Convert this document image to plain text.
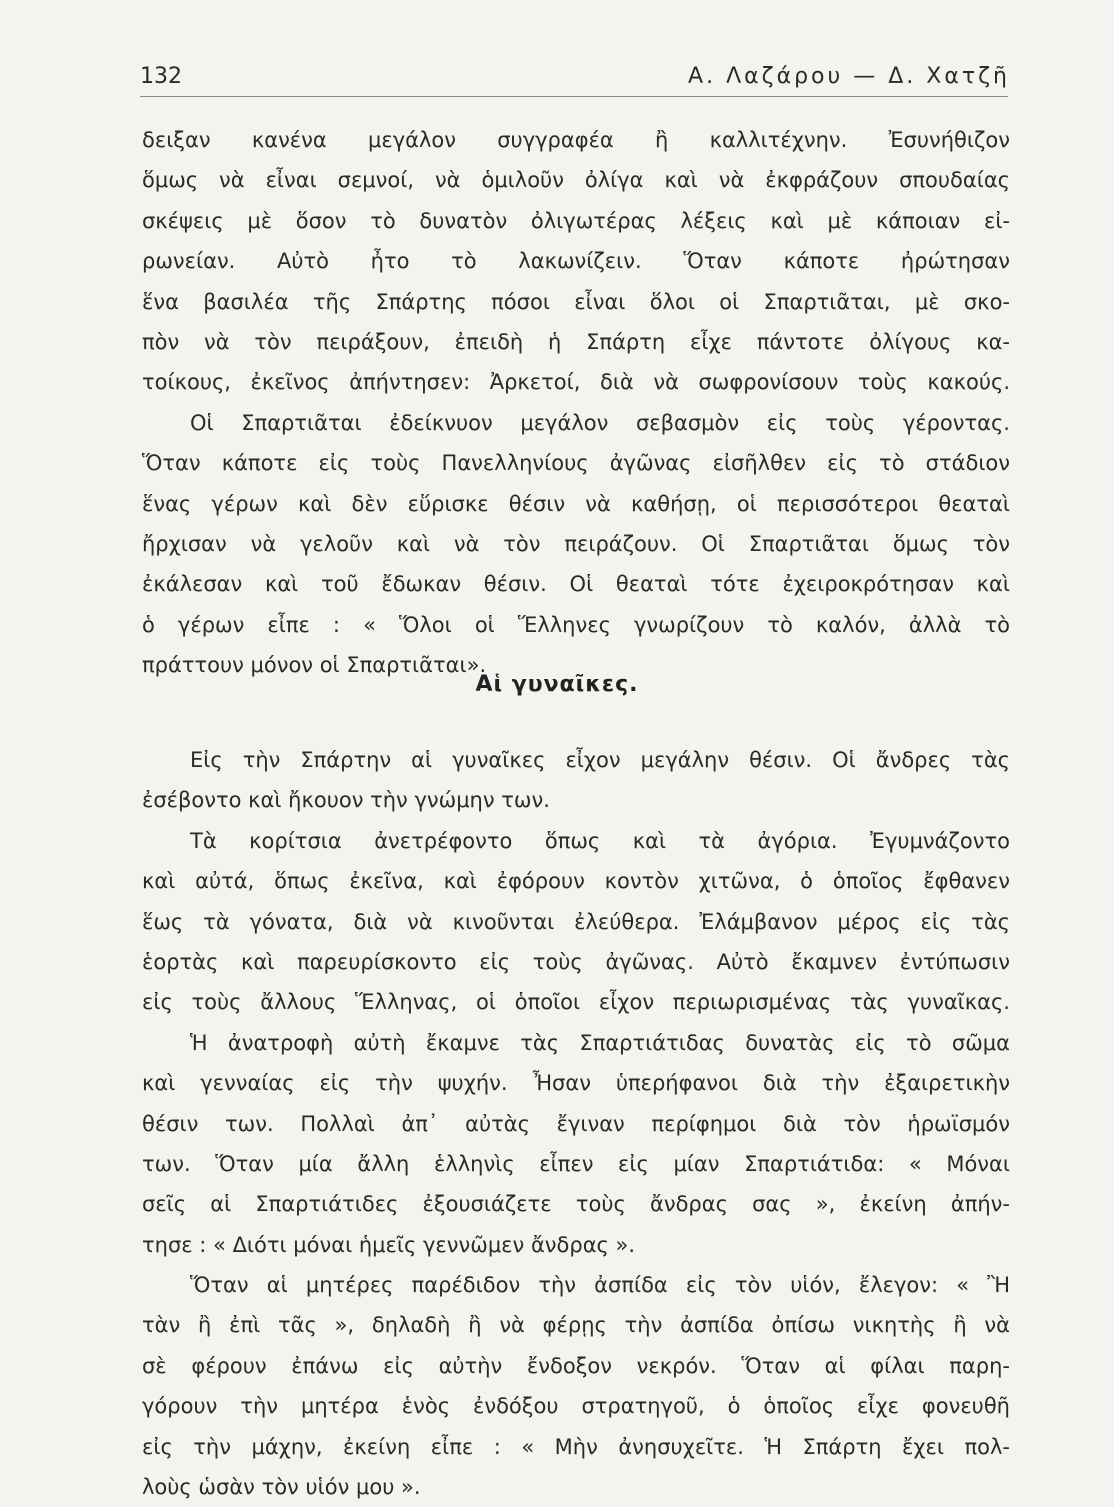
132	Α. Λαζάρου — Δ. Χατζῆ
δειξαν κανένα μεγάλον συγγραφέα ἢ καλλιτέχνην. Ἐσυνήθιζον
ὅμως νὰ εἶναι σεμνοί, νὰ ὁμιλοῦν ὀλίγα καὶ νὰ ἐκφράζουν σπουδαίας
σκέψεις μὲ ὅσον τὸ δυνατὸν ὀλιγωτέρας λέξεις καὶ μὲ κάποιαν εἰ-
ρωνείαν. Αὐτὸ ἦτο τὸ λακωνίζειν. Ὅταν κάποτε ἠρώτησαν
ἕνα βασιλέα τῆς Σπάρτης πόσοι εἶναι ὅλοι οἱ Σπαρτιᾶται, μὲ σκο-
πὸν νὰ τὸν πειράξουν, ἐπειδὴ ἡ Σπάρτη εἶχε πάντοτε ὀλίγους κα-
τοίκους, ἐκεῖνος ἀπήντησεν: Ἀρκετοί, διὰ νὰ σωφρονίσουν τοὺς κακούς.
Οἱ Σπαρτιᾶται ἐδείκνυον μεγάλον σεβασμὸν εἰς τοὺς γέροντας.
Ὅταν κάποτε εἰς τοὺς Πανελληνίους ἀγῶνας εἰσῆλθεν εἰς τὸ στάδιον
ἕνας γέρων καὶ δὲν εὕρισκε θέσιν νὰ καθήσῃ, οἱ περισσότεροι θεαταὶ
ἤρχισαν νὰ γελοῦν καὶ νὰ τὸν πειράζουν. Οἱ Σπαρτιᾶται ὅμως τὸν
ἐκάλεσαν καὶ τοῦ ἔδωκαν θέσιν. Οἱ θεαταὶ τότε ἐχειροκρότησαν καὶ
ὁ γέρων εἶπε : « Ὅλοι οἱ Ἕλληνες γνωρίζουν τὸ καλόν, ἀλλὰ τὸ
πράττουν μόνον οἱ Σπαρτιᾶται».
Αἱ γυναῖκες.
Εἰς τὴν Σπάρτην αἱ γυναῖκες εἶχον μεγάλην θέσιν. Οἱ ἄνδρες τὰς
ἐσέβοντο καὶ ἤκουον τὴν γνώμην των.
Τὰ κορίτσια ἀνετρέφοντο ὅπως καὶ τὰ ἀγόρια. Ἐγυμνάζοντο
καὶ αὐτά, ὅπως ἐκεῖνα, καὶ ἐφόρουν κοντὸν χιτῶνα, ὁ ὁποῖος ἔφθανεν
ἕως τὰ γόνατα, διὰ νὰ κινοῦνται ἐλεύθερα. Ἐλάμβανον μέρος εἰς τὰς
ἑορτὰς καὶ παρευρίσκοντο εἰς τοὺς ἀγῶνας. Αὐτὸ ἔκαμνεν ἐντύπωσιν
εἰς τοὺς ἄλλους Ἕλληνας, οἱ ὁποῖοι εἶχον περιωρισμένας τὰς γυναῖκας.
Ἡ ἀνατροφὴ αὐτὴ ἔκαμνε τὰς Σπαρτιάτιδας δυνατὰς εἰς τὸ σῶμα
καὶ γενναίας εἰς τὴν ψυχήν. Ἦσαν ὑπερήφανοι διὰ τὴν ἐξαιρετικὴν
θέσιν των. Πολλαὶ ἀπ᾽ αὐτὰς ἔγιναν περίφημοι διὰ τὸν ἡρωϊσμόν
των. Ὅταν μία ἄλλη ἑλληνὶς εἶπεν εἰς μίαν Σπαρτιάτιδα: « Μόναι
σεῖς αἱ Σπαρτιάτιδες ἐξουσιάζετε τοὺς ἄνδρας σας », ἐκείνη ἀπήν-
τησε : « Διότι μόναι ἡμεῖς γεννῶμεν ἄνδρας ».
Ὅταν αἱ μητέρες παρέδιδον τὴν ἀσπίδα εἰς τὸν υἱόν, ἔλεγον: « Ἢ
τὰν ἢ ἐπὶ τᾶς », δηλαδὴ ἢ νὰ φέρῃς τὴν ἀσπίδα ὀπίσω νικητὴς ἢ νὰ
σὲ φέρουν ἐπάνω εἰς αὐτὴν ἔνδοξον νεκρόν. Ὅταν αἱ φίλαι παρη-
γόρουν τὴν μητέρα ἑνὸς ἐνδόξου στρατηγοῦ, ὁ ὁποῖος εἶχε φονευθῆ
εἰς τὴν μάχην, ἐκείνη εἶπε : « Μὴν ἀνησυχεῖτε. Ἡ Σπάρτη ἔχει πολ-
λοὺς ὡσὰν τὸν υἱόν μου ».
